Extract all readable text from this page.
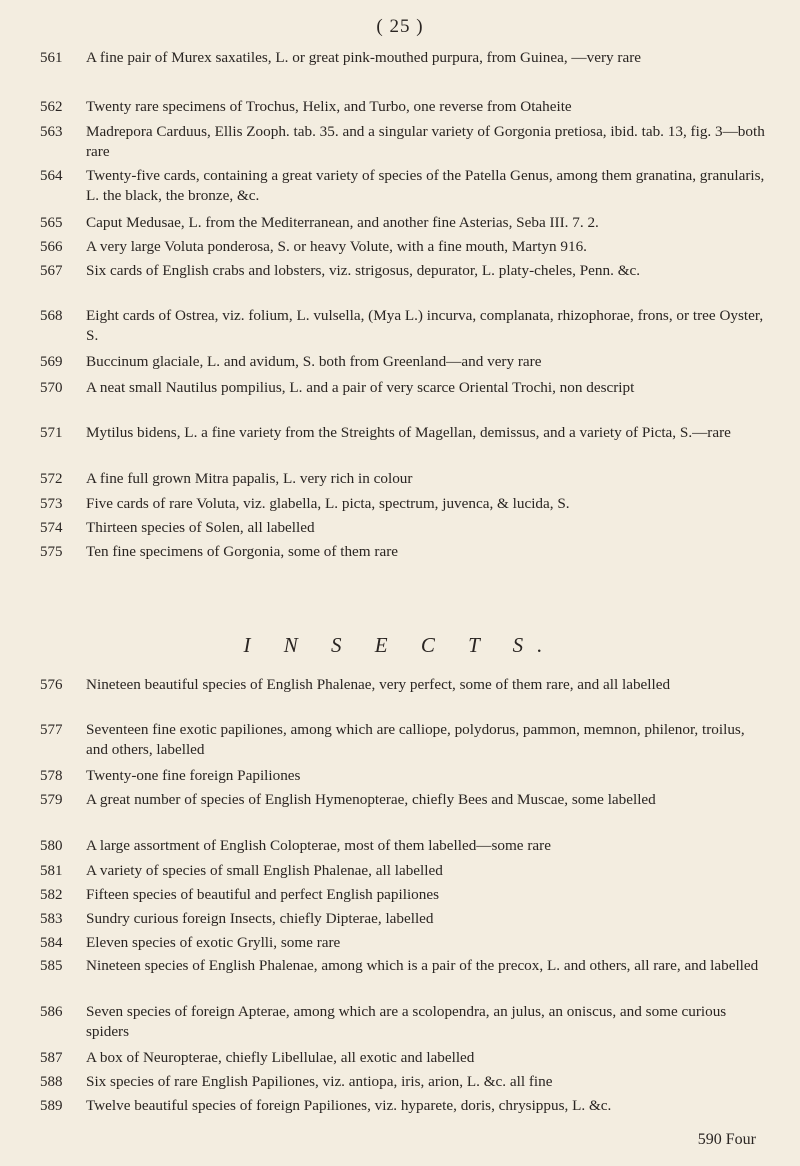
( 25 )
561	A fine pair of Murex saxatiles, L. or great pink-mouthed purpura, from Guinea, —very rare
562	Twenty rare specimens of Trochus, Helix, and Turbo, one reverse from Otaheite
563	Madrepora Carduus, Ellis Zooph. tab. 35. and a singular variety of Gorgonia pretiosa, ibid. tab. 13, fig. 3—both rare
564	Twenty-five cards, containing a great variety of species of the Patella Genus, among them granatina, granularis, L. the black, the bronze, &c.
565	Caput Medusae, L. from the Mediterranean, and another fine Asterias, Seba III. 7. 2.
566	A very large Voluta ponderosa, S. or heavy Volute, with a fine mouth, Martyn 916.
567	Six cards of English crabs and lobsters, viz. strigosus, depurator, L. platy-cheles, Penn. &c.
568	Eight cards of Ostrea, viz. folium, L. vulsella, (Mya L.) incurva, complanata, rhizophorae, frons, or tree Oyster, S.
569	Buccinum glaciale, L. and avidum, S. both from Greenland—and very rare
570	A neat small Nautilus pompilius, L. and a pair of very scarce Oriental Trochi, non descript
571	Mytilus bidens, L. a fine variety from the Streights of Magellan, demissus, and a variety of Picta, S.—rare
572	A fine full grown Mitra papalis, L. very rich in colour
573	Five cards of rare Voluta, viz. glabella, L. picta, spectrum, juvenca, & lucida, S.
574	Thirteen species of Solen, all labelled
575	Ten fine specimens of Gorgonia, some of them rare
I N S E C T S.
576	Nineteen beautiful species of English Phalenae, very perfect, some of them rare, and all labelled
577	Seventeen fine exotic papiliones, among which are calliope, polydorus, pammon, memnon, philenor, troilus, and others, labelled
578	Twenty-one fine foreign Papiliones
579	A great number of species of English Hymenopterae, chiefly Bees and Muscae, some labelled
580	A large assortment of English Colopterae, most of them labelled—some rare
581	A variety of species of small English Phalenae, all labelled
582	Fifteen species of beautiful and perfect English papiliones
583	Sundry curious foreign Insects, chiefly Dipterae, labelled
584	Eleven species of exotic Grylli, some rare
585	Nineteen species of English Phalenae, among which is a pair of the precox, L. and others, all rare, and labelled
586	Seven species of foreign Apterae, among which are a scolopendra, an julus, an oniscus, and some curious spiders
587	A box of Neuropterae, chiefly Libellulae, all exotic and labelled
588	Six species of rare English Papiliones, viz. antiopa, iris, arion, L. &c. all fine
589	Twelve beautiful species of foreign Papiliones, viz. hyparete, doris, chrysippus, L. &c.
590 Four
